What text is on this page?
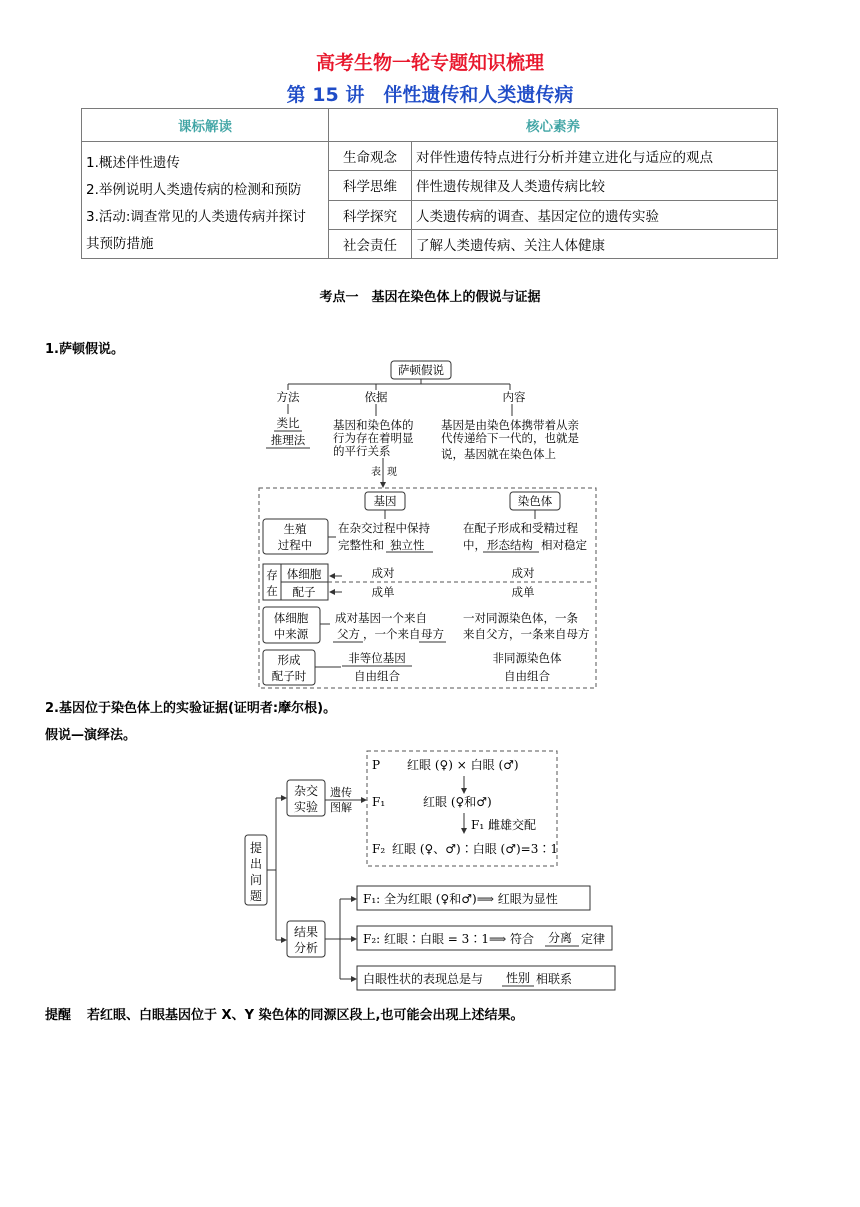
高考生物一轮专题知识梳理
第 15 讲　伴性遗传和人类遗传病
课标解读	核心素养	

1.概述伴性遗传
2.举例说明人类遗传病的检测和预防
3.活动:调查常见的人类遗传病并探讨
其预防措施	生命观念	对伴性遗传特点进行分析并建立进化与适应的观点
	科学思维	伴性遗传规律及人类遗传病比较
	科学探究	人类遗传病的调查、基因定位的遗传实验
	社会责任	了解人类遗传病、关注人体健康
考点一　基因在染色体上的假说与证据
1.萨顿假说。
萨顿假说
方法	依据	内容
类比
推理法
基因和染色体的
行为存在着明显
的平行关系
基因是由染色体携带着从亲
代传递给下一代的，也就是
说，基因就在染色体上
表 现
基因	染色体
生殖
过程中
在杂交过程中保持
完整性和 独立性
在配子形成和受精过程
中， 形态结构 相对稳定
存
在
体细胞
配子
成对
成单
成对
成单
体细胞
中来源
成对基因一个来自
父方 ，一个来自 母方
一对同源染色体，一条
来自父方，一条来自母方
形成
配子时
非等位基因
自由组合
非同源染色体
自由组合
2.基因位于染色体上的实验证据(证明者:摩尔根)。
假说—演绎法。
提
出
问
题
杂交
实验
遗传
图解
P 红眼 (♀) × 白眼 (♂)
F₁	红眼 (♀和♂)
F₁ 雌雄交配
F₂ 红眼 (♀、♂)∶白眼 (♂)=3∶1
结果
分析
F₁: 全为红眼 (♀和♂)⟹ 红眼为显性
F₂: 红眼∶白眼 = 3∶1⟹ 符合 分离 定律
白眼性状的表现总是与 性别 相联系
提醒 若红眼、白眼基因位于 X、Y 染色体的同源区段上,也可能会出现上述结果。
